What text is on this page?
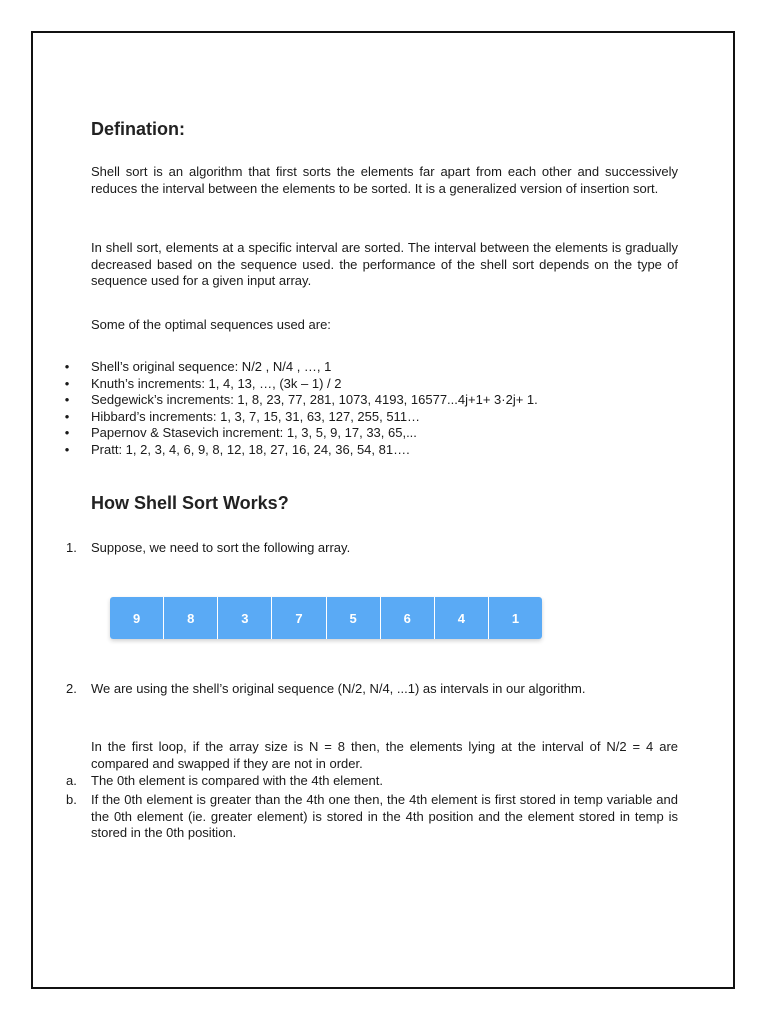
Defination:

Shell sort is an algorithm that first sorts the elements far apart from each other and successively reduces the interval between the elements to be sorted. It is a generalized version of insertion sort.

In shell sort, elements at a specific interval are sorted. The interval between the elements is gradually decreased based on the sequence used. the performance of the shell sort depends on the type of sequence used for a given input array.

Some of the optimal sequences used are:

• Shell’s original sequence: N/2 , N/4 , …, 1
• Knuth’s increments: 1, 4, 13, …, (3k – 1) / 2
• Sedgewick’s increments: 1, 8, 23, 77, 281, 1073, 4193, 16577...4j+1+ 3·2j+ 1.
• Hibbard’s increments: 1, 3, 7, 15, 31, 63, 127, 255, 511…
• Papernov & Stasevich increment: 1, 3, 5, 9, 17, 33, 65,...
• Pratt: 1, 2, 3, 4, 6, 9, 8, 12, 18, 27, 16, 24, 36, 54, 81….
How Shell Sort Works?
1. Suppose, we need to sort the following array.
9	8	3	7	5	6	4	1
2. We are using the shell’s original sequence (N/2, N/4, ...1) as intervals in our algorithm.

In the first loop, if the array size is N = 8 then, the elements lying at the interval of N/2 = 4 are compared and swapped if they are not in order.

a. The 0th element is compared with the 4th element.
b. If the 0th element is greater than the 4th one then, the 4th element is first stored in temp variable and the 0th element (ie. greater element) is stored in the 4th position and the element stored in temp is stored in the 0th position.
